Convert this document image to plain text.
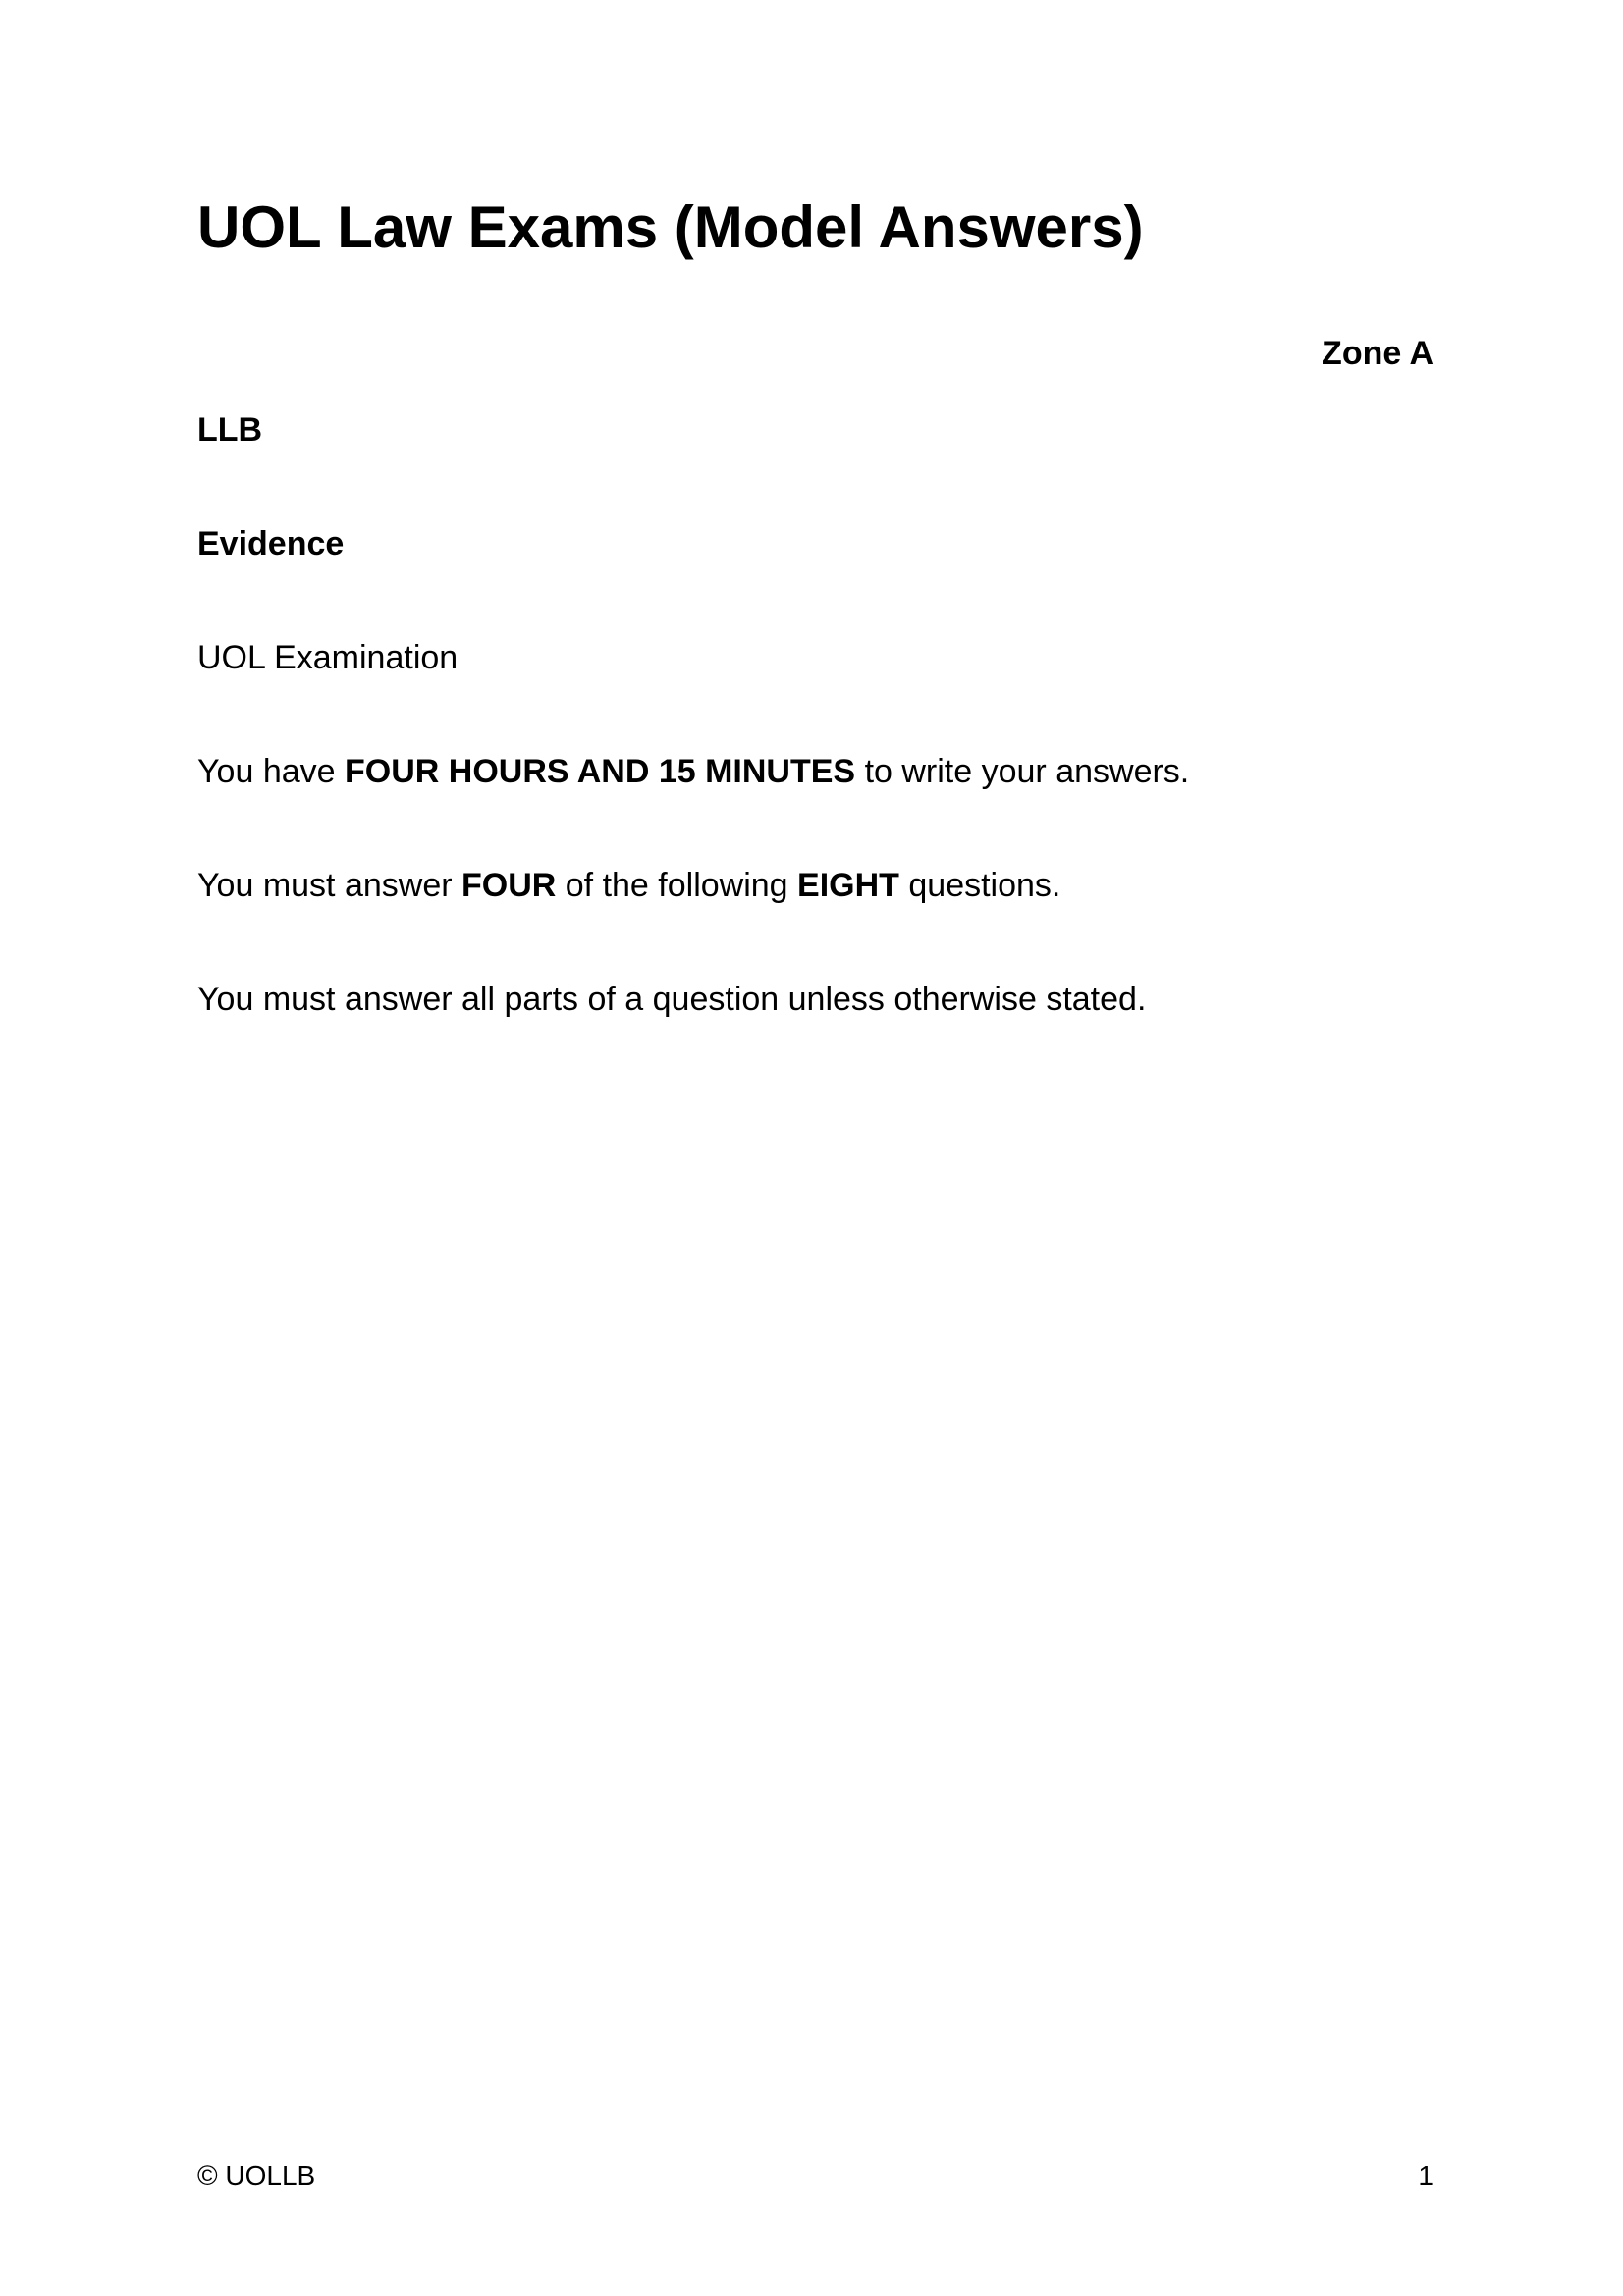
UOL Law Exams (Model Answers)

Zone A

LLB

Evidence

UOL Examination

You have FOUR HOURS AND 15 MINUTES to write your answers.

You must answer FOUR of the following EIGHT questions.

You must answer all parts of a question unless otherwise stated.

© UOLLB	1
